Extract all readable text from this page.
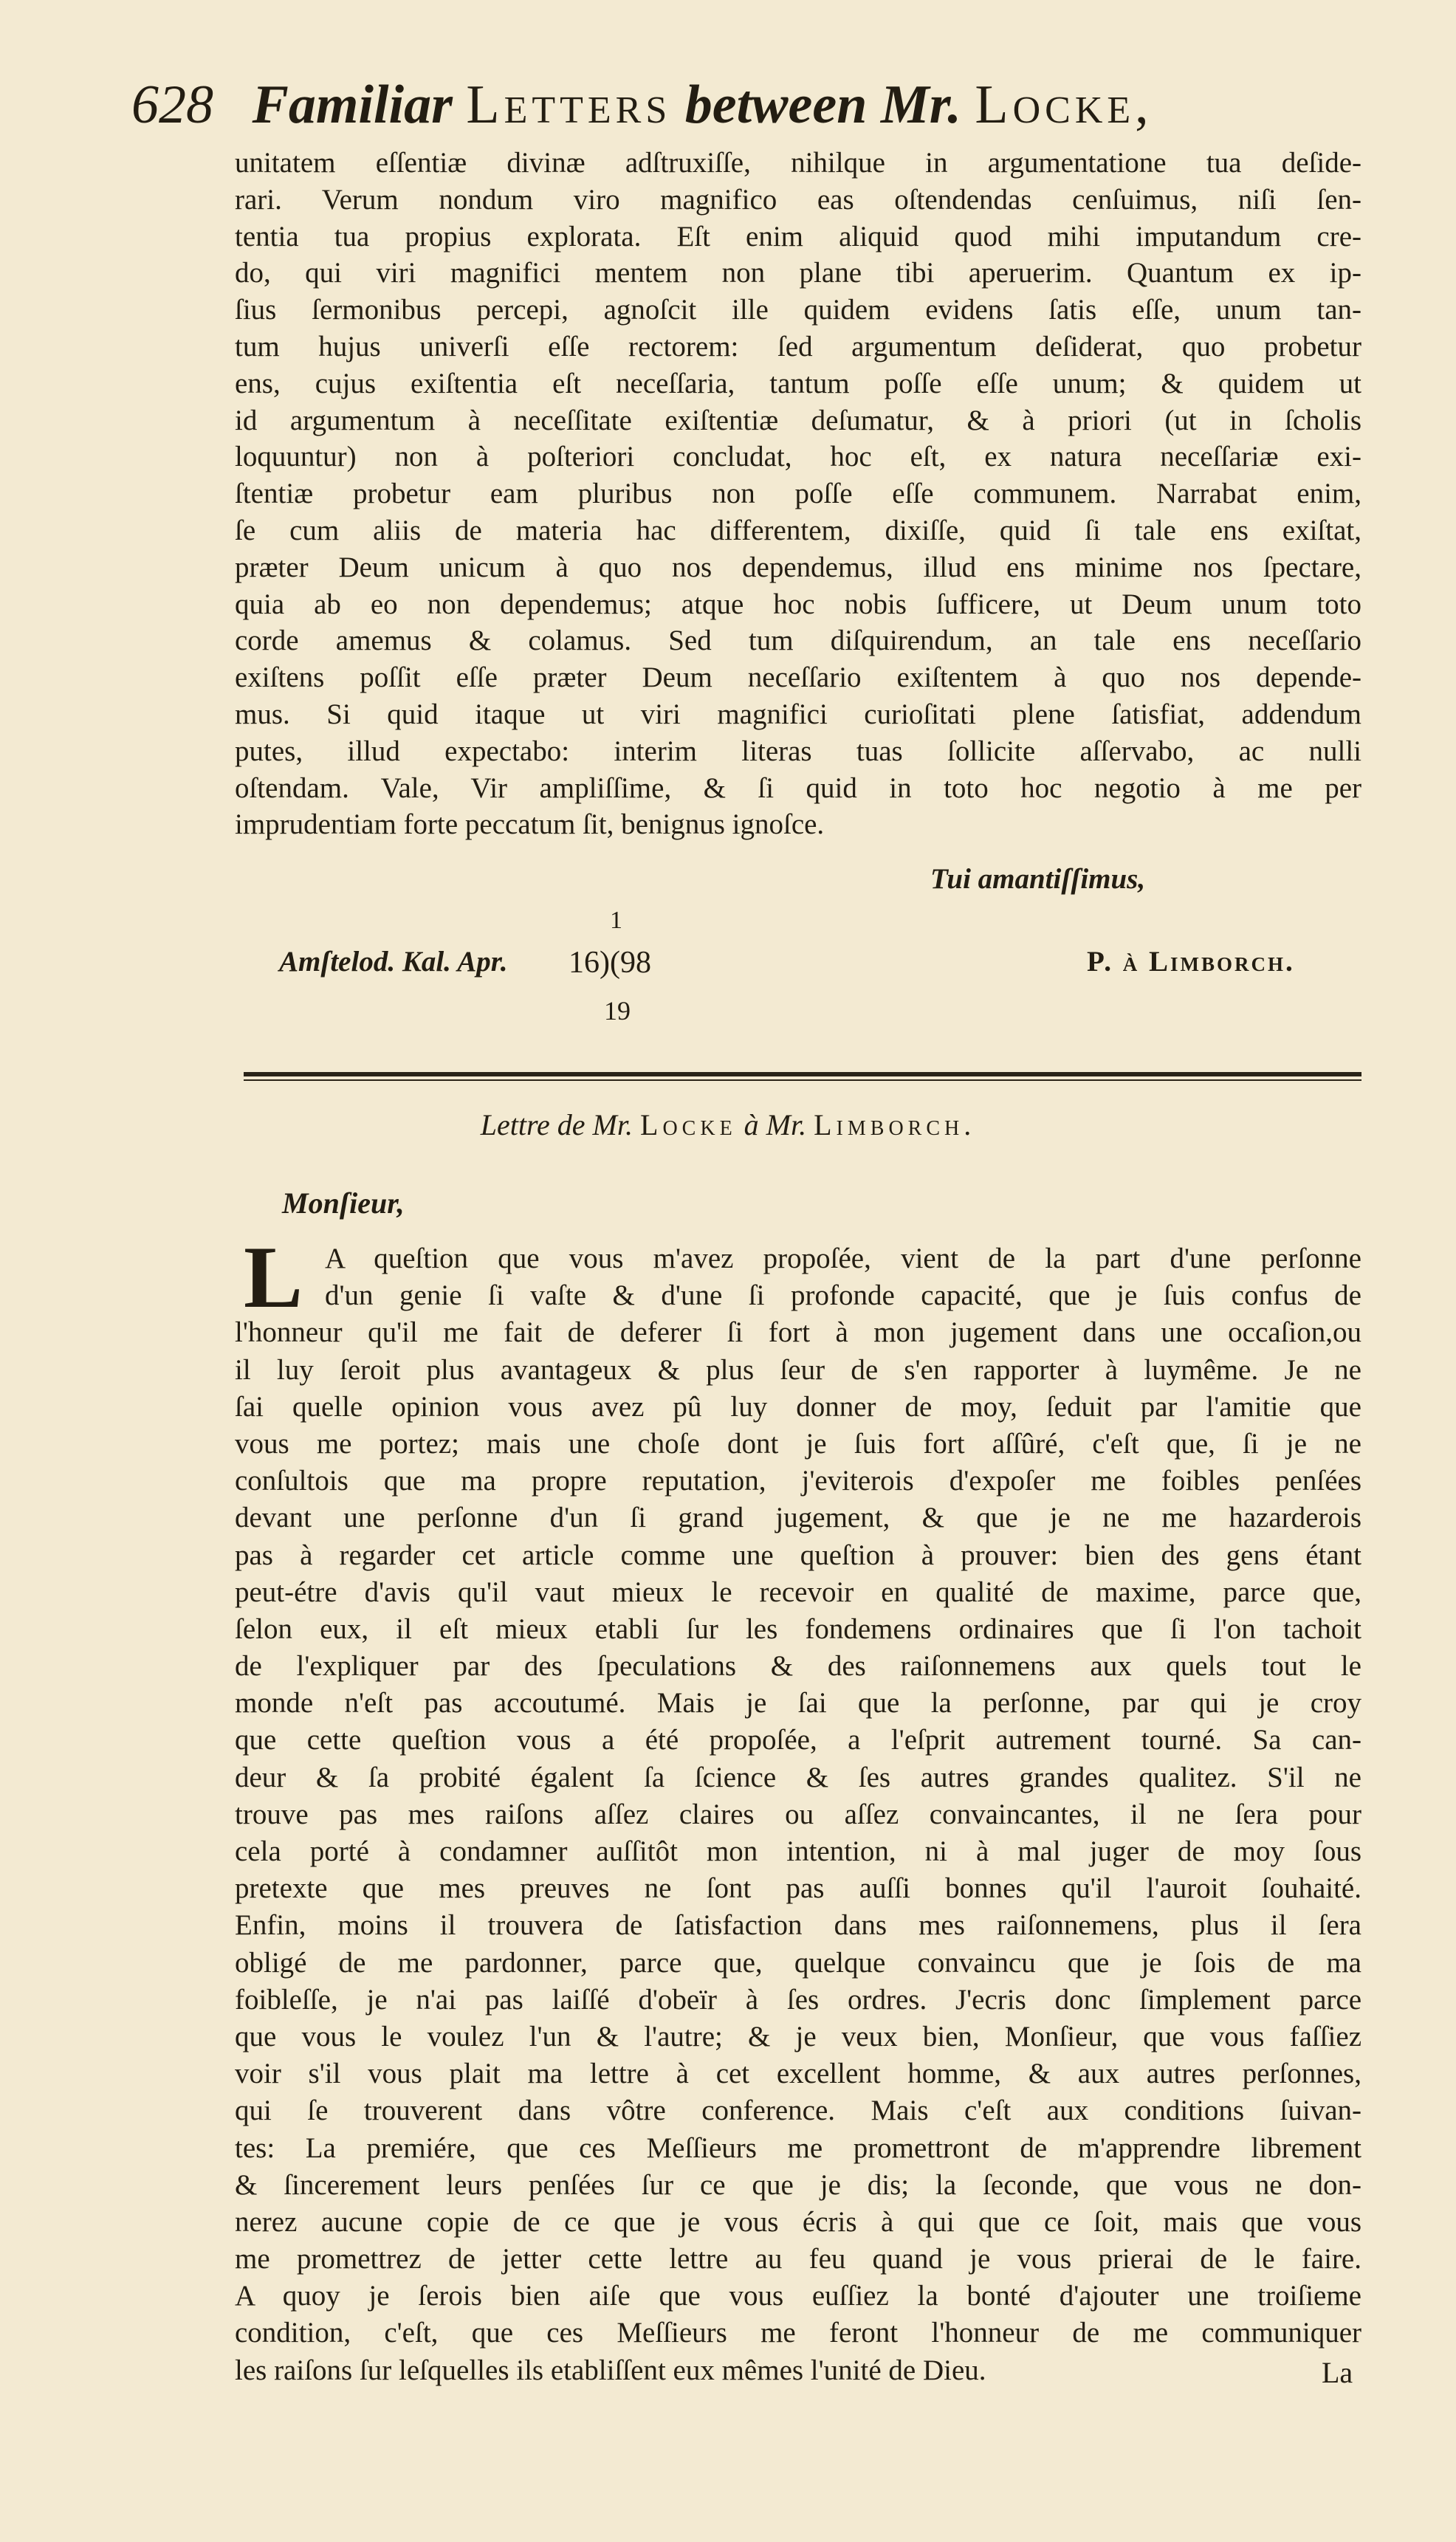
628 Familiar Letters between Mr. Locke,
unitatem eſſentiæ divinæ adſtruxiſſe, nihilque in argumentatione tua deſide-
rari. Verum nondum viro magnifico eas oſtendendas cenſuimus, niſi ſen-
tentia tua propius explorata. Eſt enim aliquid quod mihi imputandum cre-
do, qui viri magnifici mentem non plane tibi aperuerim. Quantum ex ip-
ſius ſermonibus percepi, agnoſcit ille quidem evidens ſatis eſſe, unum tan-
tum hujus univerſi eſſe rectorem: ſed argumentum deſiderat, quo probetur
ens, cujus exiſtentia eſt neceſſaria, tantum poſſe eſſe unum; & quidem ut
id argumentum à neceſſitate exiſtentiæ deſumatur, & à priori (ut in ſcholis
loquuntur) non à poſteriori concludat, hoc eſt, ex natura neceſſariæ exi-
ſtentiæ probetur eam pluribus non poſſe eſſe communem. Narrabat enim,
ſe cum aliis de materia hac differentem, dixiſſe, quid ſi tale ens exiſtat,
præter Deum unicum à quo nos dependemus, illud ens minime nos ſpectare,
quia ab eo non dependemus; atque hoc nobis ſufficere, ut Deum unum toto
corde amemus & colamus. Sed tum diſquirendum, an tale ens neceſſario
exiſtens poſſit eſſe præter Deum neceſſario exiſtentem à quo nos depende-
mus. Si quid itaque ut viri magnifici curioſitati plene ſatisfiat, addendum
putes, illud expectabo: interim literas tuas ſollicite aſſervabo, ac nulli
oſtendam. Vale, Vir ampliſſime, & ſi quid in toto hoc negotio à me per
imprudentiam forte peccatum ſit, benignus ignoſce.
Tui amantiſſimus,
Amſtelod. Kal. Apr.
1
16)(98
19
P. à Limborch.
Lettre de Mr. Locke à Mr. Limborch.
Monſieur,
L A queſtion que vous m'avez propoſée, vient de la part d'une perſonne
d'un genie ſi vaſte & d'une ſi profonde capacité, que je ſuis confus de
l'honneur qu'il me fait de deferer ſi fort à mon jugement dans une occaſion,ou
il luy ſeroit plus avantageux & plus ſeur de s'en rapporter à luymême. Je ne
ſai quelle opinion vous avez pû luy donner de moy, ſeduit par l'amitie que
vous me portez; mais une choſe dont je ſuis fort aſſûré, c'eſt que, ſi je ne
conſultois que ma propre reputation, j'eviterois d'expoſer me foibles penſées
devant une perſonne d'un ſi grand jugement, & que je ne me hazarderois
pas à regarder cet article comme une queſtion à prouver: bien des gens étant
peut-étre d'avis qu'il vaut mieux le recevoir en qualité de maxime, parce que,
ſelon eux, il eſt mieux etabli ſur les fondemens ordinaires que ſi l'on tachoit
de l'expliquer par des ſpeculations & des raiſonnemens aux quels tout le
monde n'eſt pas accoutumé. Mais je ſai que la perſonne, par qui je croy
que cette queſtion vous a été propoſée, a l'eſprit autrement tourné. Sa can-
deur & ſa probité égalent ſa ſcience & ſes autres grandes qualitez. S'il ne
trouve pas mes raiſons aſſez claires ou aſſez convaincantes, il ne ſera pour
cela porté à condamner auſſitôt mon intention, ni à mal juger de moy ſous
pretexte que mes preuves ne ſont pas auſſi bonnes qu'il l'auroit ſouhaité.
Enfin, moins il trouvera de ſatisfaction dans mes raiſonnemens, plus il ſera
obligé de me pardonner, parce que, quelque convaincu que je ſois de ma
foibleſſe, je n'ai pas laiſſé d'obeïr à ſes ordres. J'ecris donc ſimplement parce
que vous le voulez l'un & l'autre; & je veux bien, Monſieur, que vous faſſiez
voir s'il vous plait ma lettre à cet excellent homme, & aux autres perſonnes,
qui ſe trouverent dans vôtre conference. Mais c'eſt aux conditions ſuivan-
tes: La premiére, que ces Meſſieurs me promettront de m'apprendre librement
& ſincerement leurs penſées ſur ce que je dis; la ſeconde, que vous ne don-
nerez aucune copie de ce que je vous écris à qui que ce ſoit, mais que vous
me promettrez de jetter cette lettre au feu quand je vous prierai de le faire.
A quoy je ſerois bien aiſe que vous euſſiez la bonté d'ajouter une troiſieme
condition, c'eſt, que ces Meſſieurs me feront l'honneur de me communiquer
les raiſons ſur leſquelles ils etabliſſent eux mêmes l'unité de Dieu.	La
